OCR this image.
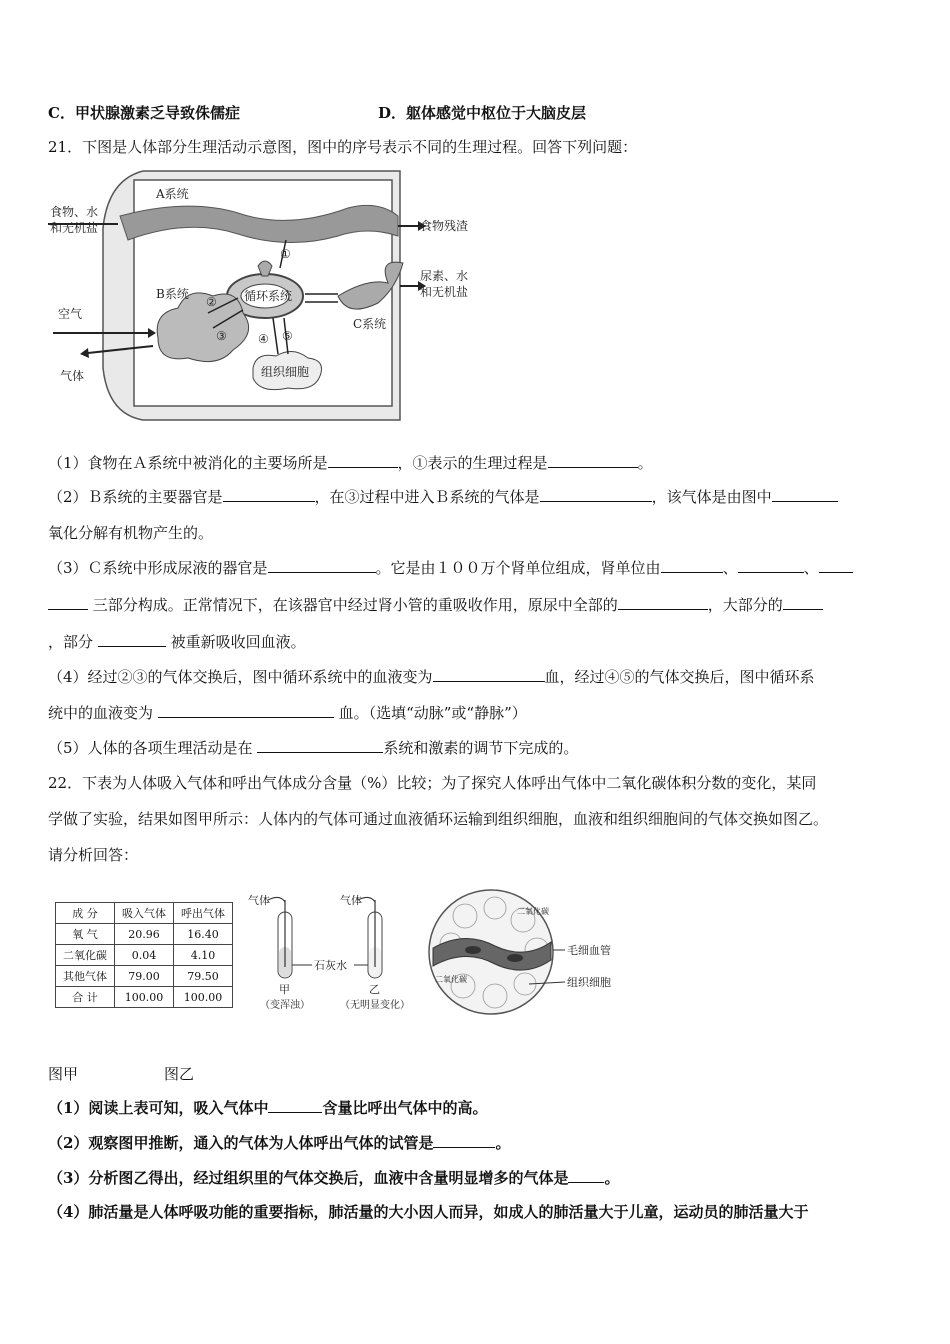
C．甲状腺激素乏导致侏儒症	D．躯体感觉中枢位于大脑皮层
21．下图是人体部分生理活动示意图，图中的序号表示不同的生理过程。回答下列问题：
A系统
B系统
C系统
食物、水
和无机盐	食物残渣
尿素、水
和无机盐
空气
气体
循环系统
组织细胞
①
②
③	④ ⑤
（1）食物在Ａ系统中被消化的主要场所是	，①表示的生理过程是	。
（2）Ｂ系统的主要器官是	，在③过程中进入Ｂ系统的气体是	，该气体是由图中
氧化分解有机物产生的。
（3）Ｃ系统中形成尿液的器官是	。它是由１００万个肾单位组成，肾单位由	、	、
三部分构成。正常情况下，在该器官中经过肾小管的重吸收作用，原尿中全部的	，大部分的
，部分	被重新吸收回血液。
（4）经过②③的气体交换后，图中循环系统中的血液变为	血，经过④⑤的气体交换后，图中循环系
统中的血液变为	血。（选填“动脉”或“静脉”）
（5）人体的各项生理活动是在	系统和激素的调节下完成的。
22．下表为人体吸入气体和呼出气体成分含量（%）比较；为了探究人体呼出气体中二氧化碳体积分数的变化，某同
学做了实验，结果如图甲所示：人体内的气体可通过血液循环运输到组织细胞，血液和组织细胞间的气体交换如图乙。
请分析回答：
成 分	吸入气体	呼出气体
氧 气	20.96	16.40
二氧化碳	0.04	4.10
其他气体	79.00	79.50
合 计	100.00	100.00
气体	气体
石灰水
甲
（变浑浊）
乙
（无明显变化）
毛细血管
组织细胞
二氧化碳
二氧化碳
图甲	图乙
（1）阅读上表可知，吸入气体中	含量比呼出气体中的高。
（2）观察图甲推断，通入的气体为人体呼出气体的试管是	。
（3）分析图乙得出，经过组织里的气体交换后，血液中含量明显增多的气体是 。
（4）肺活量是人体呼吸功能的重要指标，肺活量的大小因人而异，如成人的肺活量大于儿童，运动员的肺活量大于
